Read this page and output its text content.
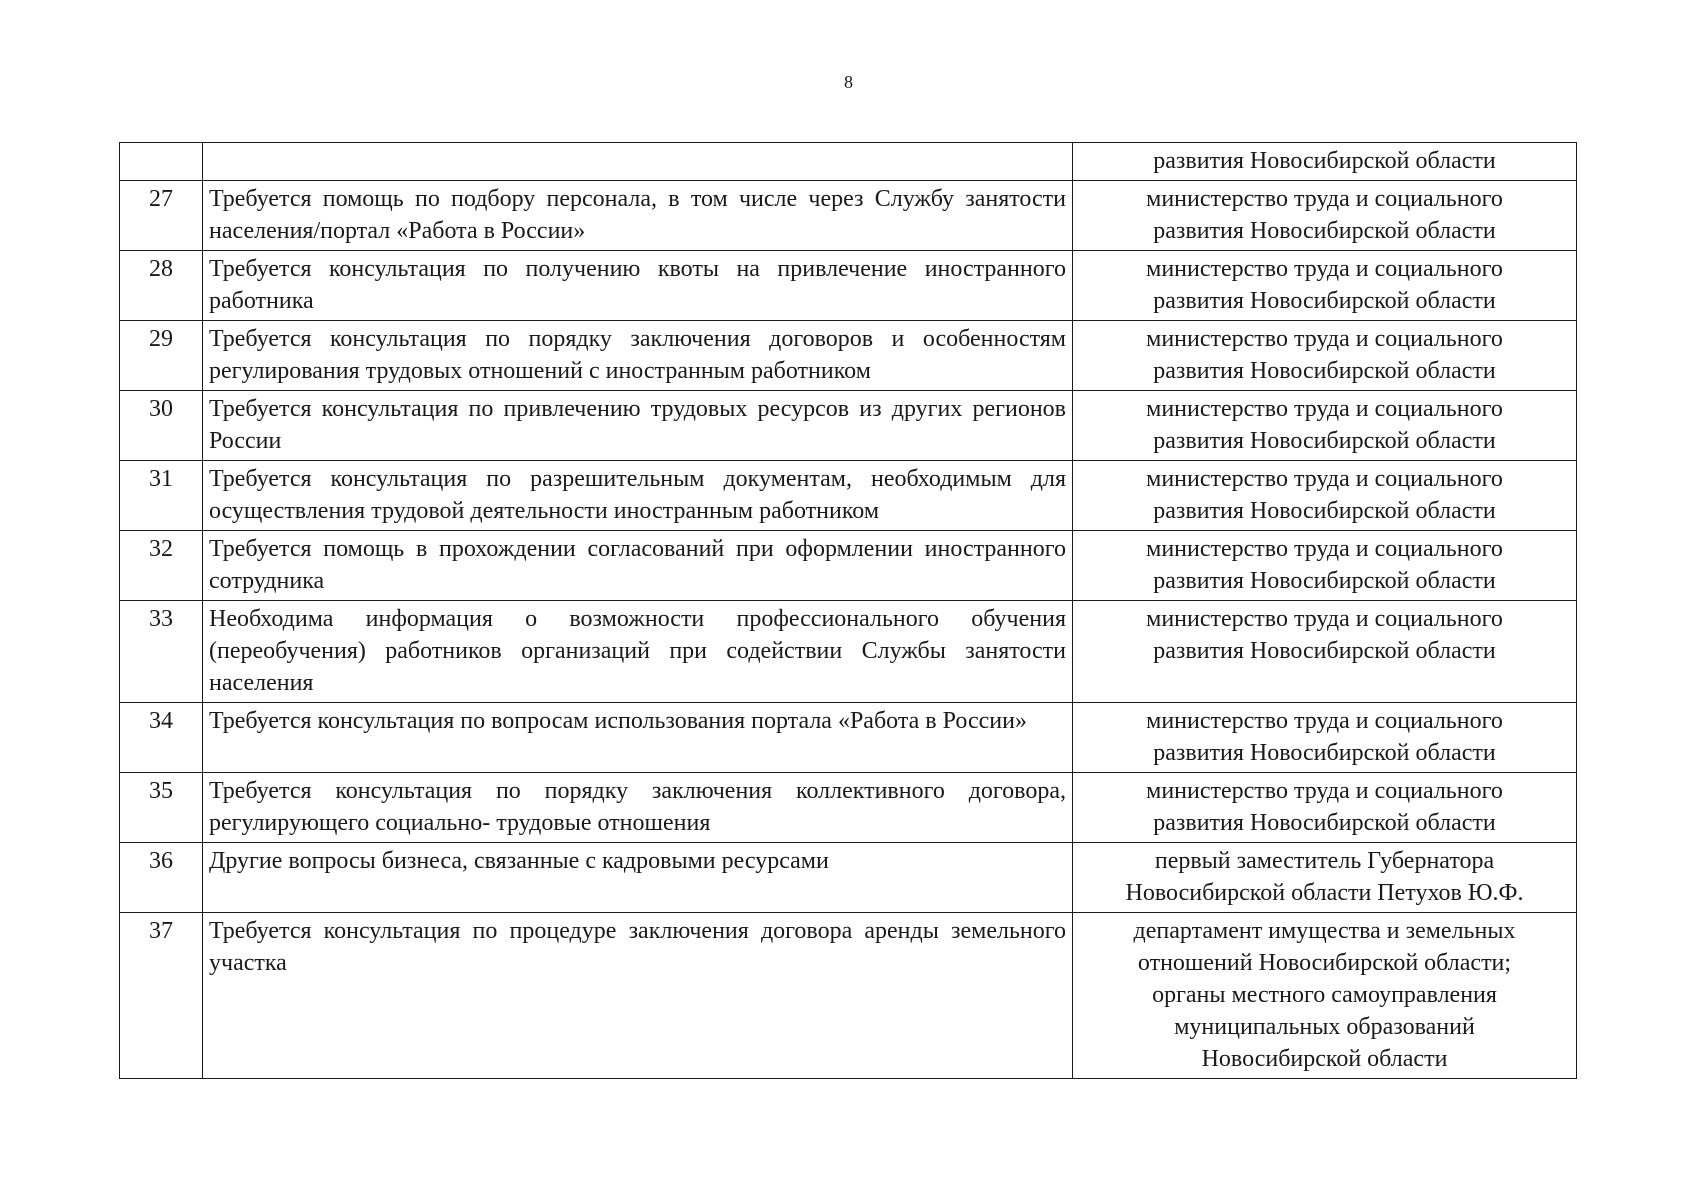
8

		развития Новосибирской области

27	Требуется помощь по подбору персонала, в том числе через Службу занятости населения/портал «Работа в России»	министерство труда и социального
развития Новосибирской области

28	Требуется консультация по получению квоты на привлечение иностранного работника	министерство труда и социального
развития Новосибирской области

29	Требуется консультация по порядку заключения договоров и особенностям регулирования трудовых отношений с иностранным работником	министерство труда и социального
развития Новосибирской области

30	Требуется консультация по привлечению трудовых ресурсов из других регионов России	министерство труда и социального
развития Новосибирской области

31	Требуется консультация по разрешительным документам, необходимым для осуществления трудовой деятельности иностранным работником	министерство труда и социального
развития Новосибирской области

32	Требуется помощь в прохождении согласований при оформлении иностранного сотрудника	министерство труда и социального
развития Новосибирской области

33	Необходима информация о возможности профессионального обучения (переобучения) работников организаций при содействии Службы занятости населения	министерство труда и социального
развития Новосибирской области

34	Требуется консультация по вопросам использования портала «Работа в России»	министерство труда и социального
развития Новосибирской области

35	Требуется консультация по порядку заключения коллективного договора, регулирующего социально- трудовые отношения	министерство труда и социального
развития Новосибирской области

36	Другие вопросы бизнеса, связанные с кадровыми ресурсами	первый заместитель Губернатора
Новосибирской области Петухов Ю.Ф.

37	Требуется консультация по процедуре заключения договора аренды земельного участка	департамент имущества и земельных
отношений Новосибирской области;
органы местного самоуправления
муниципальных образований
Новосибирской области
